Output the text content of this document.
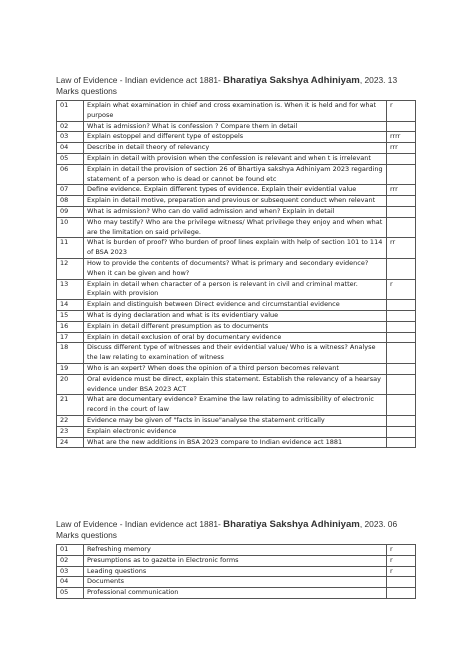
Law of Evidence - Indian evidence act 1881- Bharatiya Sakshya Adhiniyam, 2023. 13 Marks questions
01	Explain what examination in chief and cross examination is. When it is held and for what purpose	r
02	What is admission? What is confession ? Compare them in detail	
03	Explain estoppel and different type of estoppels	rrrr
04	Describe in detail theory of relevancy	rrr
05	Explain in detail with provision when the confession is relevant and when t is irrelevant	
06	Explain in detail the provision of section 26 of Bhartiya sakshya Adhiniyam 2023 regarding statement of a person who is dead or cannot be found etc	
07	Define evidence. Explain different types of evidence. Explain their evidential value	rrr
08	Explain in detail motive, preparation and previous or subsequent conduct when relevant	
09	What is admission? Who can do valid admission and when? Explain in detail	
10	Who may testify? Who are the privilege witness/ What privilege they enjoy and when what are the limitation on said privilege.	
11	What is burden of proof? Who burden of proof lines explain with help of section 101 to 114 of BSA 2023	rr
12	How to provide the contents of documents? What is primary and secondary evidence? When it can be given and how?	
13	Explain in detail when character of a person is relevant in civil and criminal matter. Explain with provision	r
14	Explain and distinguish between Direct evidence and circumstantial evidence	
15	What is dying declaration and what is its evidentiary value	
16	Explain in detail different presumption as to documents	
17	Explain in detail exclusion of oral by documentary evidence	
18	Discuss different type of witnesses and their evidential value/ Who is a witness? Analyse the law relating to examination of witness	
19	Who is an expert? When does the opinion of a third person becomes relevant	
20	Oral evidence must be direct, explain this statement. Establish the relevancy of a hearsay evidence under BSA 2023 ACT	
21	What are documentary evidence? Examine the law relating to admissibility of electronic record in the court of law	
22	Evidence may be given of "facts in issue"analyse the statement critically	
23	Explain electronic evidence	
24	What are the new additions in BSA 2023 compare to Indian evidence act 1881	
Law of Evidence - Indian evidence act 1881- Bharatiya Sakshya Adhiniyam, 2023. 06 Marks questions
01	Refreshing memory	r
02	Presumptions as to gazette in Electronic forms	r
03	Leading questions	r
04	Documents	
05	Professional communication	
